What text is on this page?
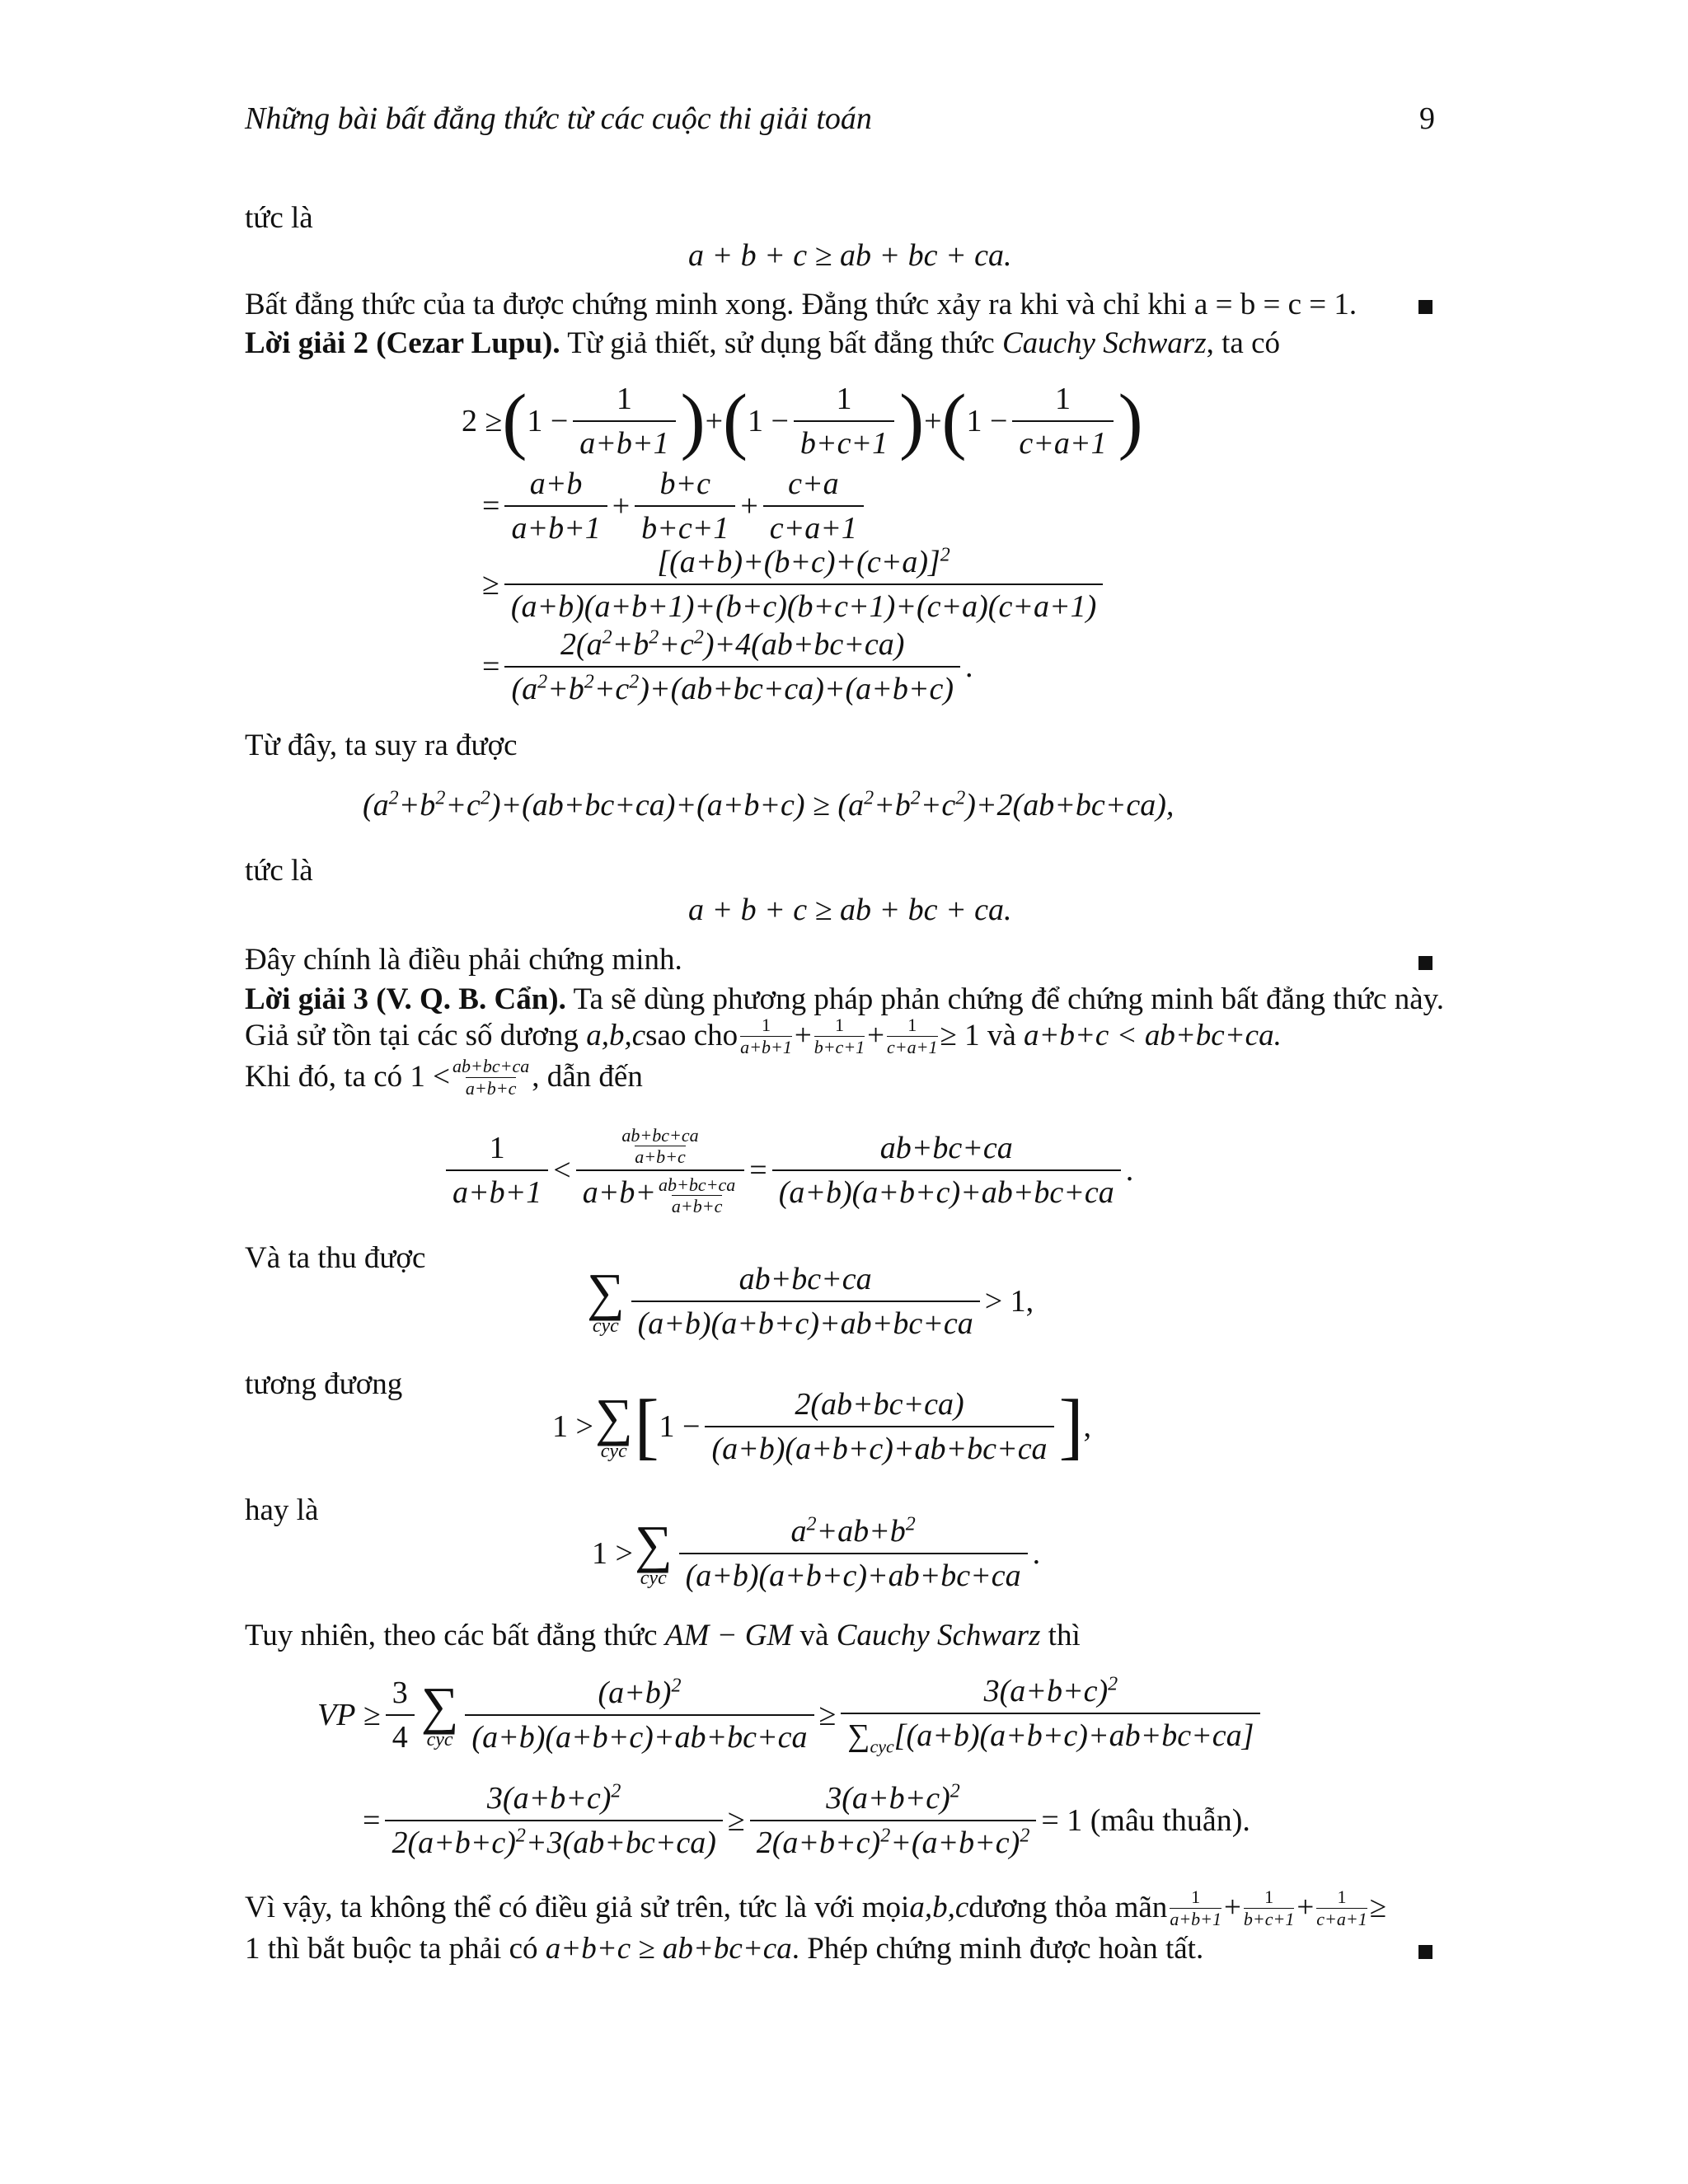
Những bài bất đẳng thức từ các cuộc thi giải toán	9
tức là
a + b + c ≥ ab + bc + ca.
Bất đẳng thức của ta được chứng minh xong. Đẳng thức xảy ra khi và chỉ khi a = b = c = 1.
Lời giải 2 (Cezar Lupu). Từ giả thiết, sử dụng bất đẳng thức Cauchy Schwarz, ta có
2 ≥ ( $1 - \frac{1}{a+b+1}$ ) + ( $1 - \frac{1}{b+c+1}$ ) + ( $1 - \frac{1}{c+a+1}$ )
= $\frac{a+b}{a+b+1} + \frac{b+c}{b+c+1} + \frac{c+a}{c+a+1}$
≥ $\frac{[(a+b)+(b+c)+(c+a)]^2}{(a+b)(a+b+1)+(b+c)(b+c+1)+(c+a)(c+a+1)}$
= $\frac{2(a^2+b^2+c^2)+4(ab+bc+ca)}{(a^2+b^2+c^2)+(ab+bc+ca)+(a+b+c)}$ .
Từ đây, ta suy ra được
$(a^2+b^2+c^2)+(ab+bc+ca)+(a+b+c) \ge (a^2+b^2+c^2)+2(ab+bc+ca)$,
tức là
a + b + c ≥ ab + bc + ca.
Đây chính là điều phải chứng minh.
Lời giải 3 (V. Q. B. Cẩn). Ta sẽ dùng phương pháp phản chứng để chứng minh bất đẳng thức này.
Giả sử tồn tại các số dương
a,b,c sao cho 1
a+b+1 + 1
$b+c+1 + \frac{1}{c+a+1} \ge 1$ và a+b+c < ab+bc+ca.
Khi đó, ta có 1 < ab+bc+ca
a+b+c , dẫn đến
$\frac{1}{a+b+1} < \frac{\frac{ab+bc+ca}{a+b+c}}{a+b+ \frac{ab+bc+ca}{a+b+c}} = \frac{ab+bc+ca}{(a+b)(a+b+c)+ab+bc+ca}$ .
Và ta thu được
∑
cyc $\frac{ab+bc+ca}{(a+b)(a+b+c)+ab+bc+ca} > 1$,
tương đương
1 > ∑
cyc [ $1 - \frac{2(ab+bc+ca)}{(a+b)(a+b+c)+ab+bc+ca}$ ] ,
hay là
1 > ∑
cyc $\frac{a^2+ab+b^2}{(a+b)(a+b+c)+ab+bc+ca}$ .
Tuy nhiên, theo các bất đẳng thức AM − GM và Cauchy Schwarz thì
VP ≥ $\frac{3}{4}$ ∑
cyc $\frac{(a+b)^2}{(a+b)(a+b+c)+ab+bc+ca} \ge \frac{3(a+b+c)^2}{\sum_{cyc}[(a+b)(a+b+c)+ab+bc+ca]}$
= $\frac{3(a+b+c)^2}{2(a+b+c)^2+3(ab+bc+ca)} \ge \frac{3(a+b+c)^2}{2(a+b+c)^2+(a+b+c)^2} = 1$ (mâu thuẫn).
Vì vậy, ta không thể có điều giả sử trên, tức là với mọi a,b,c dương thỏa mãn 1
a+b+1 + 1
b+c+1 + 1
c+a+1 ≥
1 thì bắt buộc ta phải có a+b+c ≥ ab+bc+ca. Phép chứng minh được hoàn tất.
